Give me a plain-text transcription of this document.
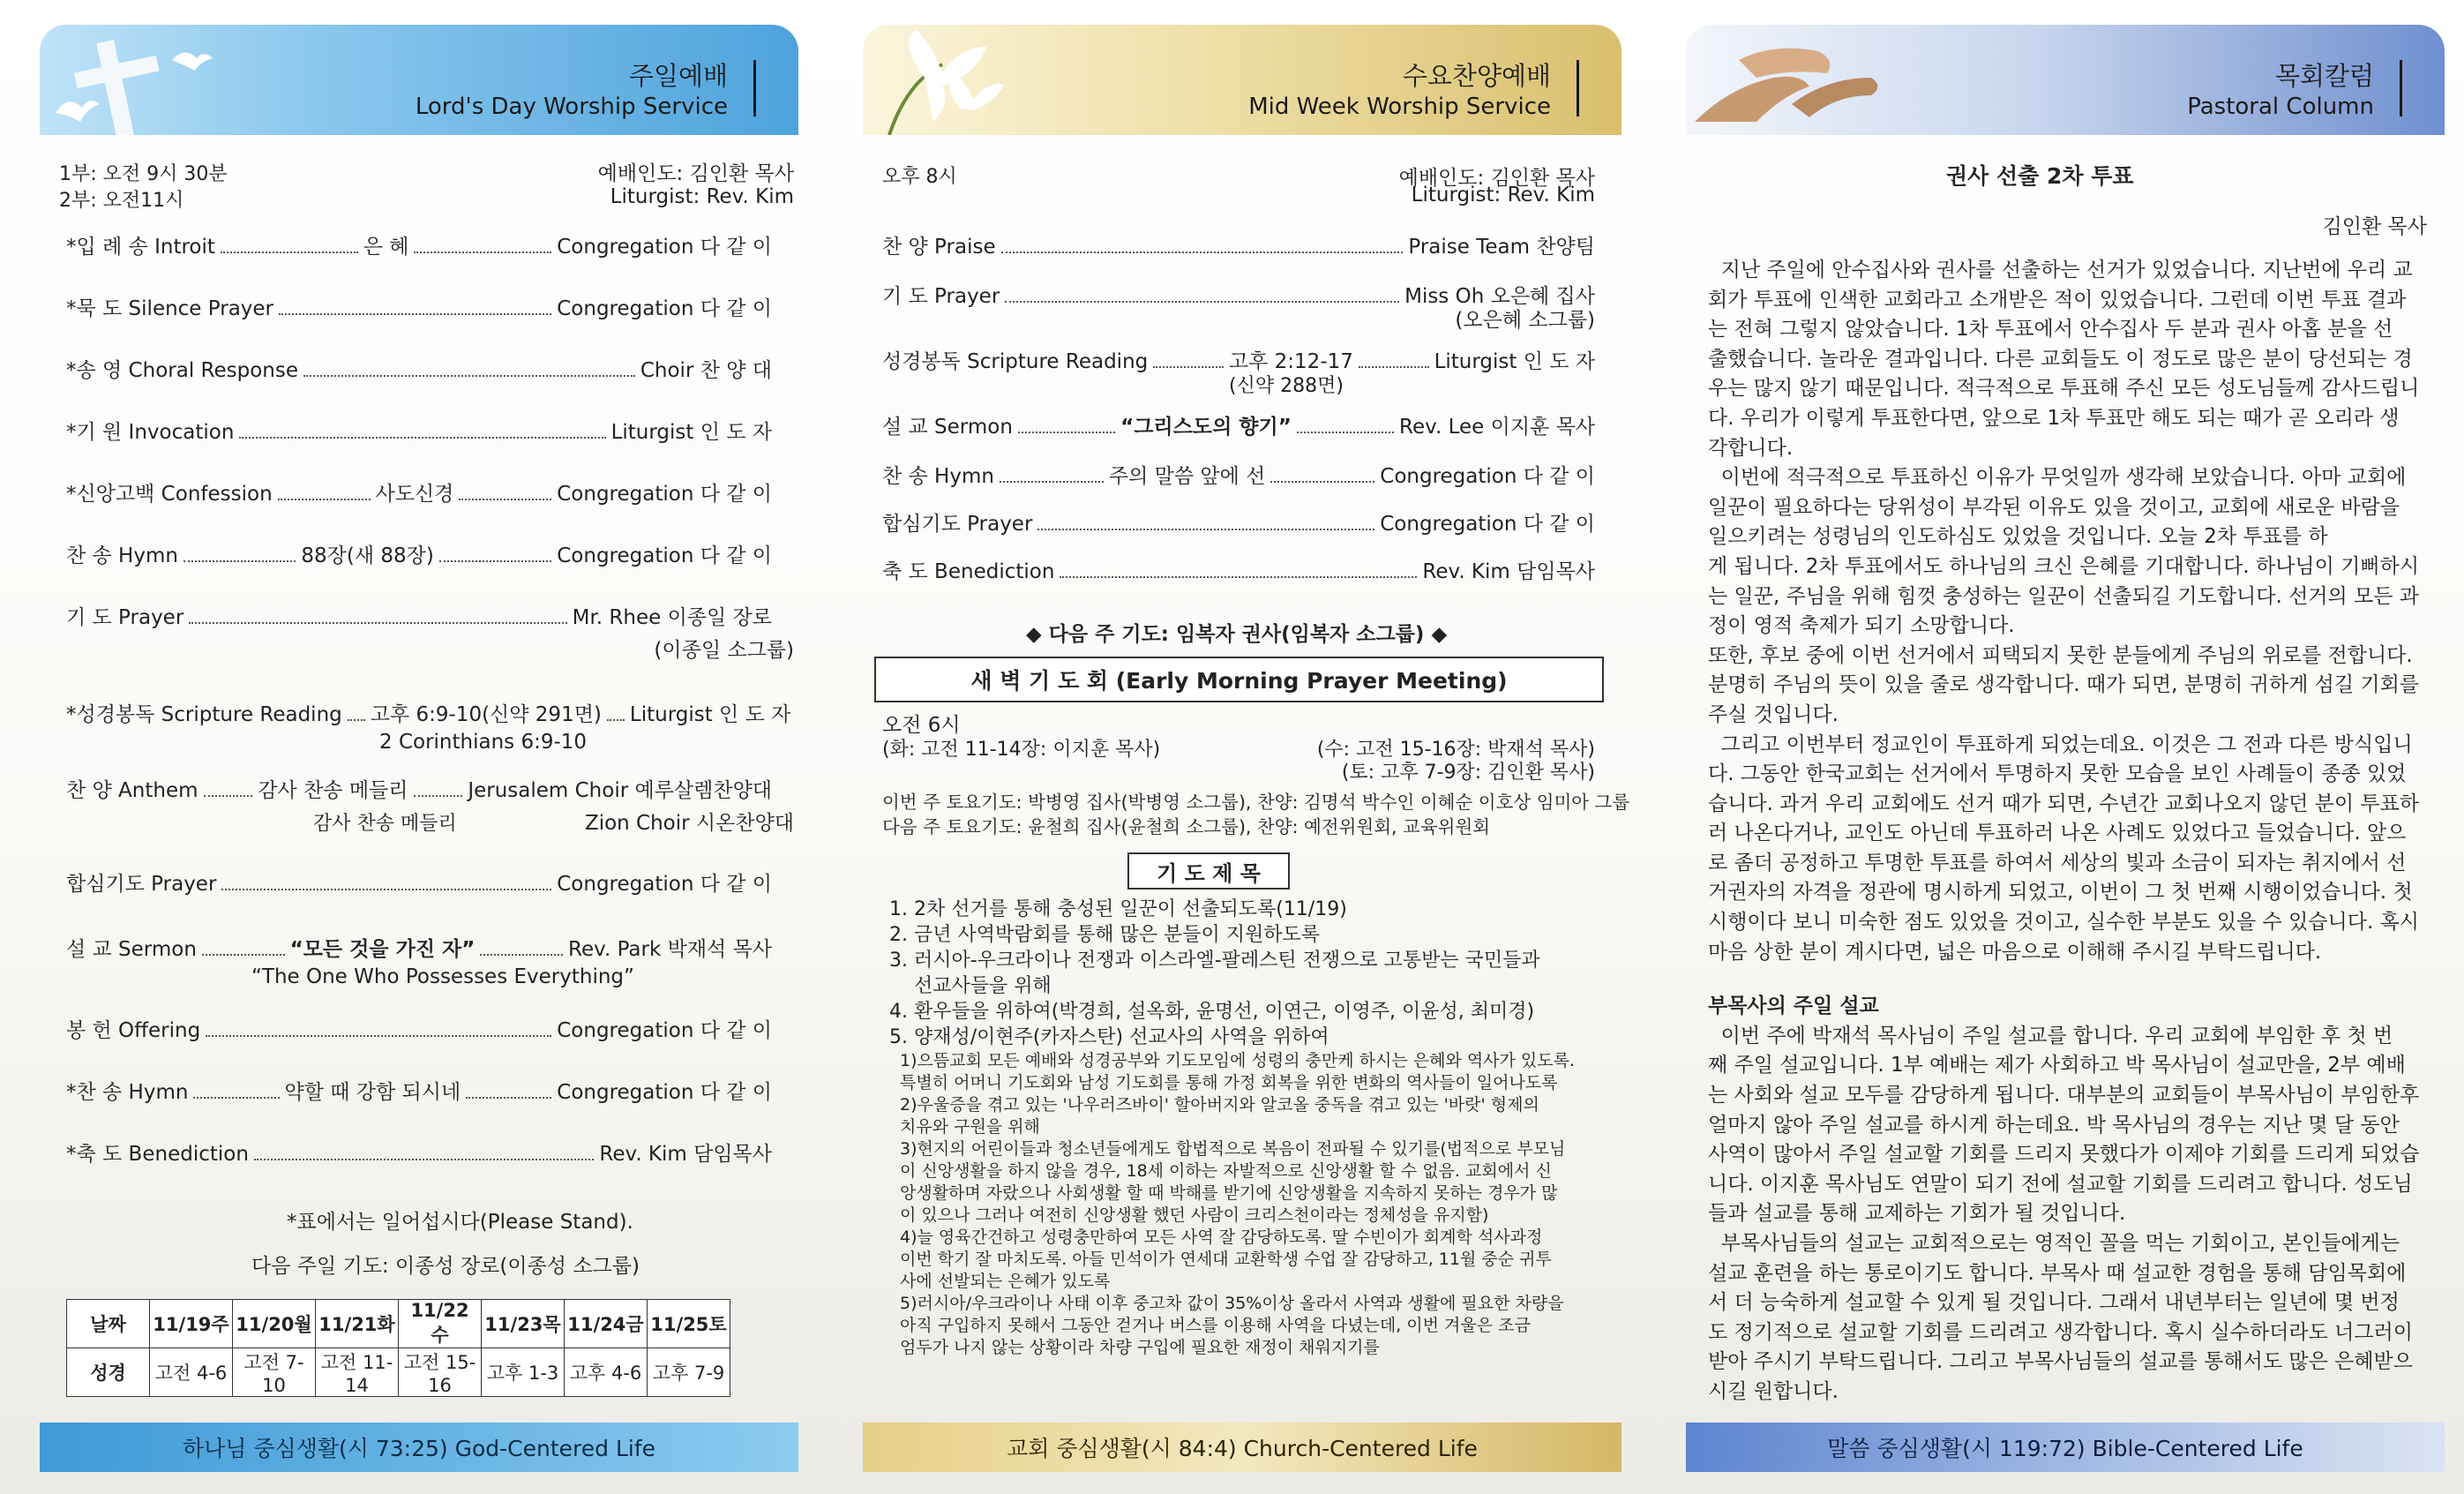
주일예배
Lord's Day Worship Service
1부: 오전 9시 30분
2부: 오전11시
예배인도: 김인환 목사
Liturgist: Rev. Kim
*입 례 송 Introit	은 혜	Congregation 다 같 이
*묵 도 Silence Prayer	Congregation 다 같 이
*송 영 Choral Response	Choir 찬 양 대
*기 원 Invocation	Liturgist 인 도 자
*신앙고백 Confession	사도신경	Congregation 다 같 이
찬 송 Hymn	88장(새 88장)	Congregation 다 같 이
기 도 Prayer	Mr. Rhee 이종일 장로
(이종일 소그룹)
*성경봉독 Scripture Reading 고후 6:9-10(신약 291면) Liturgist 인 도 자
2 Corinthians 6:9-10
찬 양 Anthem	감사 찬송 메들리	Jerusalem Choir 예루살렘찬양대
감사 찬송 메들리	Zion Choir 시온찬양대
합심기도 Prayer	Congregation 다 같 이
설 교 Sermon	“모든 것을 가진 자”	Rev. Park 박재석 목사
“The One Who Possesses Everything”
봉 헌 Offering	Congregation 다 같 이
*찬 송 Hymn	약할 때 강함 되시네	Congregation 다 같 이
*축 도 Benediction	Rev. Kim 담임목사
*표에서는 일어섭시다(Please Stand).
다음 주일 기도: 이종성 장로(이종성 소그룹)
날짜	11/19주	11/20월	11/21화	11/22 수	11/23목	11/24금	11/25토
성경	고전 4-6	고전 7-10	고전 11-14	고전 15-16	고후 1-3	고후 4-6	고후 7-9
하나님 중심생활(시 73:25) God-Centered Life
수요찬양예배
Mid Week Worship Service
오후 8시	예배인도: 김인환 목사
Liturgist: Rev. Kim
찬 양 Praise	Praise Team 찬양팀
기 도 Prayer	Miss Oh 오은혜 집사
(오은혜 소그룹)
성경봉독 Scripture Reading	고후 2:12-17	Liturgist 인 도 자
(신약 288면)
설 교 Sermon	“그리스도의 향기”	Rev. Lee 이지훈 목사
찬 송 Hymn	주의 말씀 앞에 선	Congregation 다 같 이
합심기도 Prayer	Congregation 다 같 이
축 도 Benediction	Rev. Kim 담임목사
◆ 다음 주 기도: 임복자 권사(임복자 소그룹) ◆
새 벽 기 도 회 (Early Morning Prayer Meeting)
오전 6시
(화: 고전 11-14장: 이지훈 목사)	(수: 고전 15-16장: 박재석 목사)
(토: 고후 7-9장: 김인환 목사)
이번 주 토요기도: 박병영 집사(박병영 소그룹), 찬양: 김명석 박수인 이혜순 이호상 임미아 그룹
다음 주 토요기도: 윤철희 집사(윤철희 소그룹), 찬양: 예전위원회, 교육위원회
기 도 제 목
1. 2차 선거를 통해 충성된 일꾼이 선출되도록(11/19)
2. 금년 사역박람회를 통해 많은 분들이 지원하도록
3. 러시아-우크라이나 전쟁과 이스라엘-팔레스틴 전쟁으로 고통받는 국민들과
선교사들을 위해
4. 환우들을 위하여(박경희, 설옥화, 윤명선, 이연근, 이영주, 이윤성, 최미경)
5. 양재성/이현주(카자스탄) 선교사의 사역을 위하여
1)으뜸교회 모든 예배와 성경공부와 기도모임에 성령의 충만케 하시는 은혜와 역사가 있도록.
특별히 어머니 기도회와 남성 기도회를 통해 가정 회복을 위한 변화의 역사들이 일어나도록
2)우울증을 겪고 있는 '나우러즈바이' 할아버지와 알코올 중독을 겪고 있는 '바랏' 형제의
치유와 구원을 위해
3)현지의 어린이들과 청소년들에게도 합법적으로 복음이 전파될 수 있기를(법적으로 부모님
이 신앙생활을 하지 않을 경우, 18세 이하는 자발적으로 신앙생활 할 수 없음. 교회에서 신
앙생활하며 자랐으나 사회생활 할 때 박해를 받기에 신앙생활을 지속하지 못하는 경우가 많
이 있으나 그러나 여전히 신앙생활 했던 사람이 크리스천이라는 정체성을 유지함)
4)늘 영육간건하고 성령충만하여 모든 사역 잘 감당하도록. 딸 수빈이가 회계학 석사과정
이번 학기 잘 마치도록. 아들 민석이가 연세대 교환학생 수업 잘 감당하고, 11월 중순 귀투
사에 선발되는 은혜가 있도록
5)러시아/우크라이나 사태 이후 중고차 값이 35%이상 올라서 사역과 생활에 필요한 차량을
아직 구입하지 못해서 그동안 걷거나 버스를 이용해 사역을 다녔는데, 이번 겨울은 조금
엄두가 나지 않는 상황이라 차량 구입에 필요한 재정이 채워지기를
교회 중심생활(시 84:4) Church-Centered Life
목회칼럼
Pastoral Column
권사 선출 2차 투표
김인환 목사
지난 주일에 안수집사와 권사를 선출하는 선거가 있었습니다. 지난번에 우리 교
회가 투표에 인색한 교회라고 소개받은 적이 있었습니다. 그런데 이번 투표 결과
는 전혀 그렇지 않았습니다. 1차 투표에서 안수집사 두 분과 권사 아홉 분을 선
출했습니다. 놀라운 결과입니다. 다른 교회들도 이 정도로 많은 분이 당선되는 경
우는 많지 않기 때문입니다. 적극적으로 투표해 주신 모든 성도님들께 감사드립니
다. 우리가 이렇게 투표한다면, 앞으로 1차 투표만 해도 되는 때가 곧 오리라 생
각합니다.
이번에 적극적으로 투표하신 이유가 무엇일까 생각해 보았습니다. 아마 교회에
일꾼이 필요하다는 당위성이 부각된 이유도 있을 것이고, 교회에 새로운 바람을
일으키려는 성령님의 인도하심도 있었을 것입니다. 오늘 2차 투표를 하
게 됩니다. 2차 투표에서도 하나님의 크신 은혜를 기대합니다. 하나님이 기뻐하시
는 일꾼, 주님을 위해 힘껏 충성하는 일꾼이 선출되길 기도합니다. 선거의 모든 과
정이 영적 축제가 되기 소망합니다.
또한, 후보 중에 이번 선거에서 피택되지 못한 분들에게 주님의 위로를 전합니다.
분명히 주님의 뜻이 있을 줄로 생각합니다. 때가 되면, 분명히 귀하게 섬길 기회를
주실 것입니다.
그리고 이번부터 정교인이 투표하게 되었는데요. 이것은 그 전과 다른 방식입니
다. 그동안 한국교회는 선거에서 투명하지 못한 모습을 보인 사례들이 종종 있었
습니다. 과거 우리 교회에도 선거 때가 되면, 수년간 교회나오지 않던 분이 투표하
러 나온다거나, 교인도 아닌데 투표하러 나온 사례도 있었다고 들었습니다. 앞으
로 좀더 공정하고 투명한 투표를 하여서 세상의 빛과 소금이 되자는 취지에서 선
거권자의 자격을 정관에 명시하게 되었고, 이번이 그 첫 번째 시행이었습니다. 첫
시행이다 보니 미숙한 점도 있었을 것이고, 실수한 부분도 있을 수 있습니다. 혹시
마음 상한 분이 계시다면, 넓은 마음으로 이해해 주시길 부탁드립니다.
부목사의 주일 설교
이번 주에 박재석 목사님이 주일 설교를 합니다. 우리 교회에 부임한 후 첫 번
째 주일 설교입니다. 1부 예배는 제가 사회하고 박 목사님이 설교만을, 2부 예배
는 사회와 설교 모두를 감당하게 됩니다. 대부분의 교회들이 부목사님이 부임한후
얼마지 않아 주일 설교를 하시게 하는데요. 박 목사님의 경우는 지난 몇 달 동안
사역이 많아서 주일 설교할 기회를 드리지 못했다가 이제야 기회를 드리게 되었습
니다. 이지훈 목사님도 연말이 되기 전에 설교할 기회를 드리려고 합니다. 성도님
들과 설교를 통해 교제하는 기회가 될 것입니다.
부목사님들의 설교는 교회적으로는 영적인 꼴을 먹는 기회이고, 본인들에게는
설교 훈련을 하는 통로이기도 합니다. 부목사 때 설교한 경험을 통해 담임목회에
서 더 능숙하게 설교할 수 있게 될 것입니다. 그래서 내년부터는 일년에 몇 번정
도 정기적으로 설교할 기회를 드리려고 생각합니다. 혹시 실수하더라도 너그러이
받아 주시기 부탁드립니다. 그리고 부목사님들의 설교를 통해서도 많은 은혜받으
시길 원합니다.
말씀 중심생활(시 119:72) Bible-Centered Life
